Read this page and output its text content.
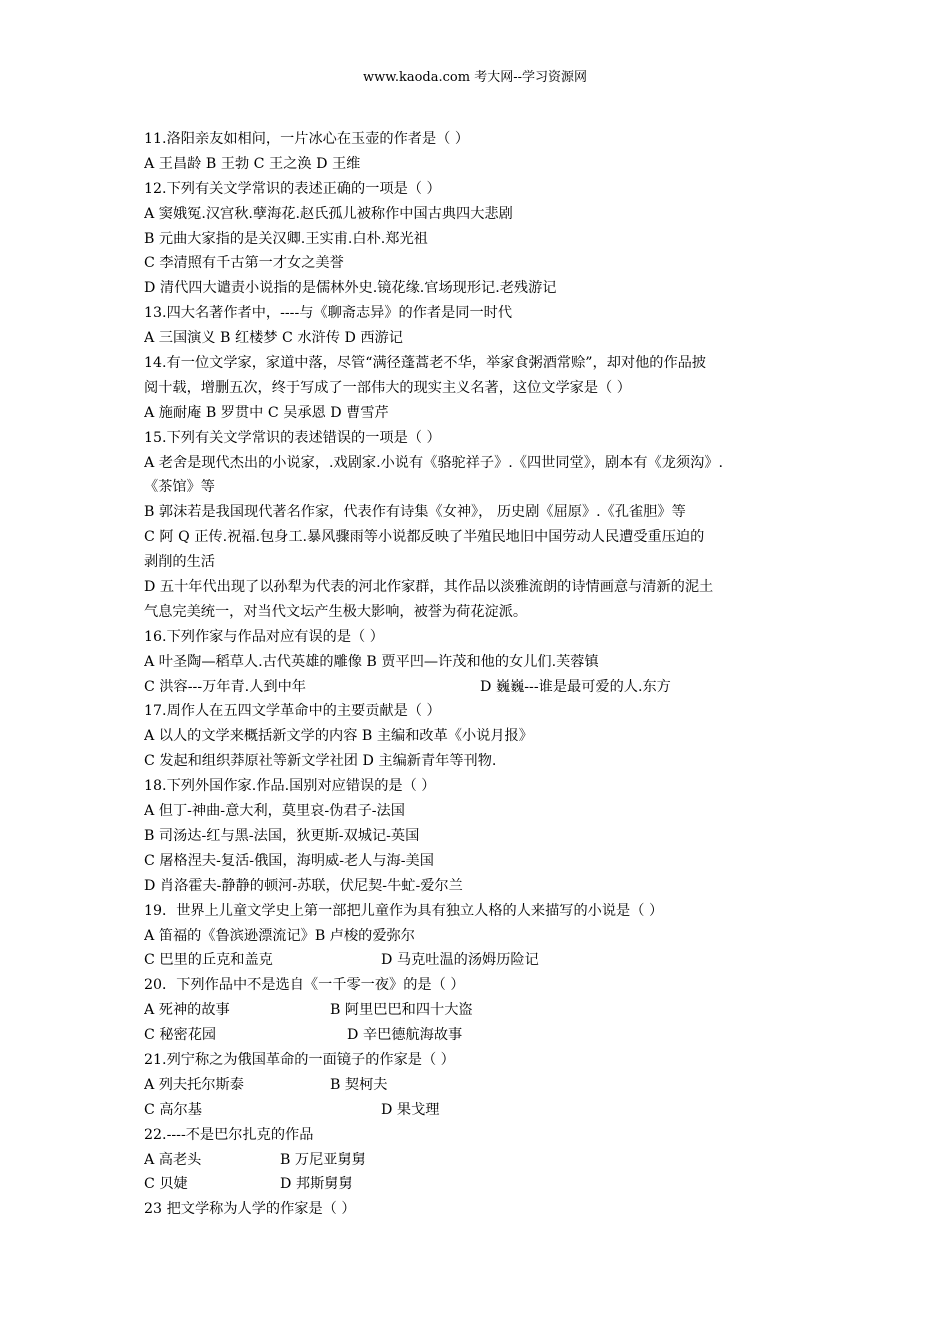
www.kaoda.com 考大网--学习资源网
11.洛阳亲友如相问，一片冰心在玉壶的作者是（ ）
A 王昌龄 B 王勃 C 王之涣 D 王维
12.下列有关文学常识的表述正确的一项是（ ）
A 窦娥冤.汉宫秋.孽海花.赵氏孤儿被称作中国古典四大悲剧
B 元曲大家指的是关汉卿.王实甫.白朴.郑光祖
C 李清照有千古第一才女之美誉
D 清代四大谴责小说指的是儒林外史.镜花缘.官场现形记.老残游记
13.四大名著作者中，----与《聊斋志异》的作者是同一时代
A 三国演义 B 红楼梦 C 水浒传 D 西游记
14.有一位文学家，家道中落，尽管“满径蓬蒿老不华，举家食粥酒常赊”，却对他的作品披
阅十载，增删五次，终于写成了一部伟大的现实主义名著，这位文学家是（ ）
A 施耐庵 B 罗贯中 C 吴承恩 D 曹雪芹
15.下列有关文学常识的表述错误的一项是（ ）
A 老舍是现代杰出的小说家，.戏剧家.小说有《骆驼祥子》.《四世同堂》，剧本有《龙须沟》.
《茶馆》等
B 郭沫若是我国现代著名作家，代表作有诗集《女神》， 历史剧《屈原》.《孔雀胆》等
C 阿 Q 正传.祝福.包身工.暴风骤雨等小说都反映了半殖民地旧中国劳动人民遭受重压迫的
剥削的生活
D 五十年代出现了以孙犁为代表的河北作家群，其作品以淡雅流朗的诗情画意与清新的泥土
气息完美统一，对当代文坛产生极大影响，被誉为荷花淀派。
16.下列作家与作品对应有误的是（ ）
A 叶圣陶—稻草人.古代英雄的雕像 B 贾平凹—许茂和他的女儿们.芙蓉镇
C 洪容---万年青.人到中年	D 巍巍---谁是最可爱的人.东方
17.周作人在五四文学革命中的主要贡献是（ ）
A 以人的文学来概括新文学的内容 B 主编和改革《小说月报》
C 发起和组织莽原社等新文学社团 D 主编新青年等刊物.
18.下列外国作家.作品.国别对应错误的是（ ）
A 但丁-神曲-意大利，莫里哀-伪君子-法国
B 司汤达-红与黑-法国，狄更斯-双城记-英国
C 屠格涅夫-复活-俄国，海明威-老人与海-美国
D 肖洛霍夫-静静的顿河-苏联，伏尼契-牛虻-爱尔兰
19．世界上儿童文学史上第一部把儿童作为具有独立人格的人来描写的小说是（ ）
A 笛福的《鲁滨逊漂流记》B 卢梭的爱弥尔
C 巴里的丘克和盖克	D 马克吐温的汤姆历险记
20．下列作品中不是选自《一千零一夜》的是（ ）
A 死神的故事	B 阿里巴巴和四十大盗
C 秘密花园	D 辛巴德航海故事
21.列宁称之为俄国革命的一面镜子的作家是（ ）
A 列夫托尔斯泰	B 契柯夫
C 高尔基	D 果戈理
22.----不是巴尔扎克的作品
A 高老头	B 万尼亚舅舅
C 贝婕	D 邦斯舅舅
23 把文学称为人学的作家是（ ）
